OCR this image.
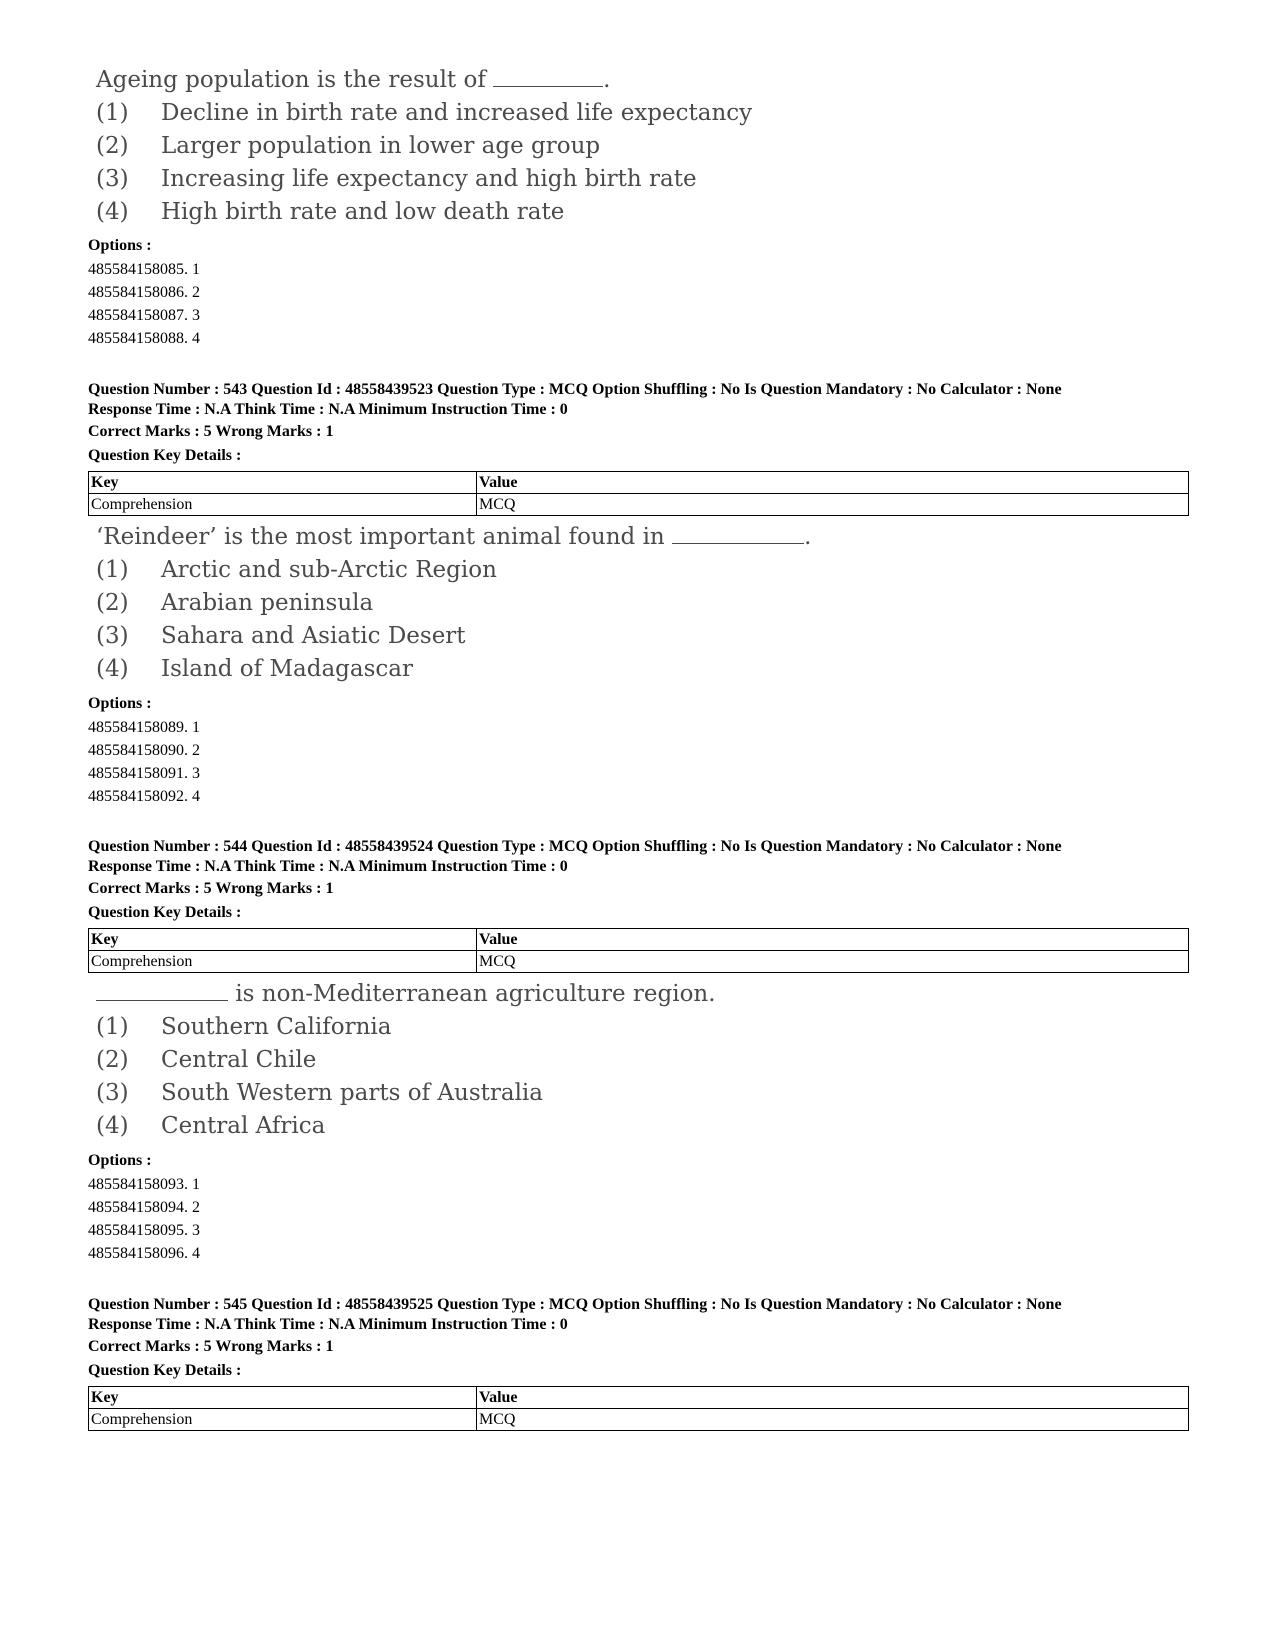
Ageing population is the result of	.
(1) Decline in birth rate and increased life expectancy
(2) Larger population in lower age group
(3) Increasing life expectancy and high birth rate
(4) High birth rate and low death rate
Options :
485584158085. 1
485584158086. 2
485584158087. 3
485584158088. 4
Question Number : 543 Question Id : 48558439523 Question Type : MCQ Option Shuffling : No Is Question Mandatory : No Calculator : None
Response Time : N.A Think Time : N.A Minimum Instruction Time : 0
Correct Marks : 5 Wrong Marks : 1
Question Key Details :
Key	Value
Comprehension	MCQ
‘Reindeer’ is the most important animal found in	.
(1) Arctic and sub-Arctic Region
(2) Arabian peninsula
(3) Sahara and Asiatic Desert
(4) Island of Madagascar
Options :
485584158089. 1
485584158090. 2
485584158091. 3
485584158092. 4
Question Number : 544 Question Id : 48558439524 Question Type : MCQ Option Shuffling : No Is Question Mandatory : No Calculator : None
Response Time : N.A Think Time : N.A Minimum Instruction Time : 0
Correct Marks : 5 Wrong Marks : 1
Question Key Details :
Key	Value
Comprehension	MCQ
is non-Mediterranean agriculture region.
(1) Southern California
(2) Central Chile
(3) South Western parts of Australia
(4) Central Africa
Options :
485584158093. 1
485584158094. 2
485584158095. 3
485584158096. 4
Question Number : 545 Question Id : 48558439525 Question Type : MCQ Option Shuffling : No Is Question Mandatory : No Calculator : None
Response Time : N.A Think Time : N.A Minimum Instruction Time : 0
Correct Marks : 5 Wrong Marks : 1
Question Key Details :
Key	Value
Comprehension	MCQ
